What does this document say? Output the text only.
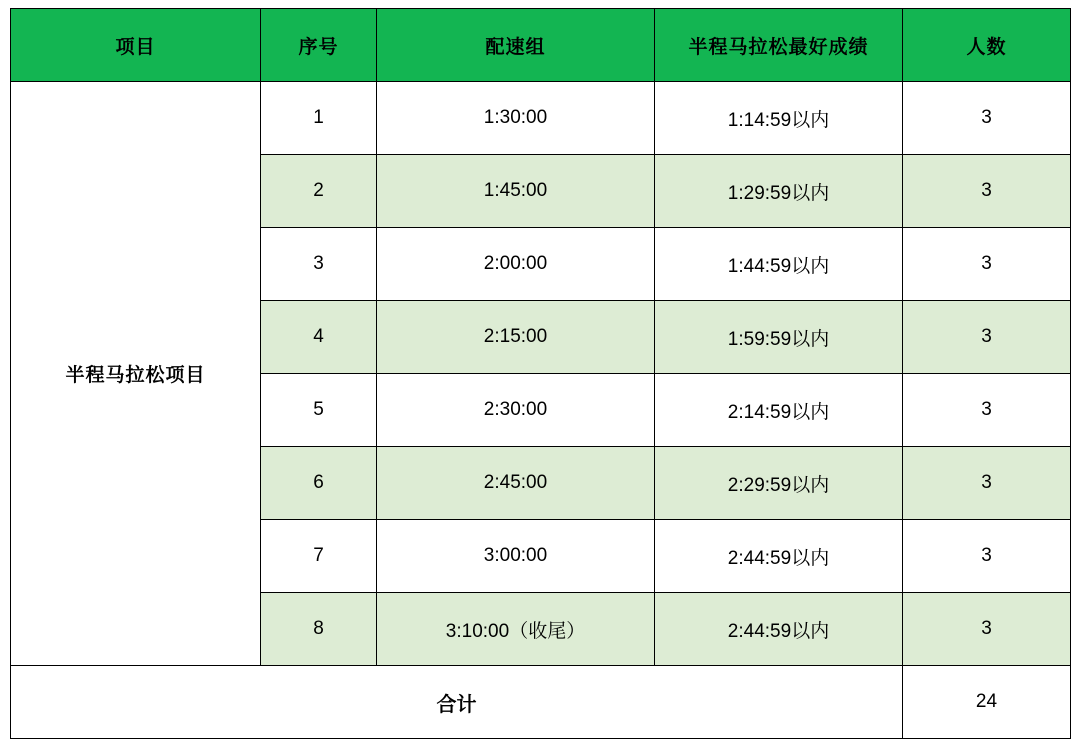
项目	序号	配速组	半程马拉松最好成绩	人数
半程马拉松项目	1	1:30:00	1:14:59以内	3
	2	1:45:00	1:29:59以内	3
	3	2:00:00	1:44:59以内	3
	4	2:15:00	1:59:59以内	3
	5	2:30:00	2:14:59以内	3
	6	2:45:00	2:29:59以内	3
	7	3:00:00	2:44:59以内	3
	8	3:10:00（收尾）	2:44:59以内	3
合计				24
